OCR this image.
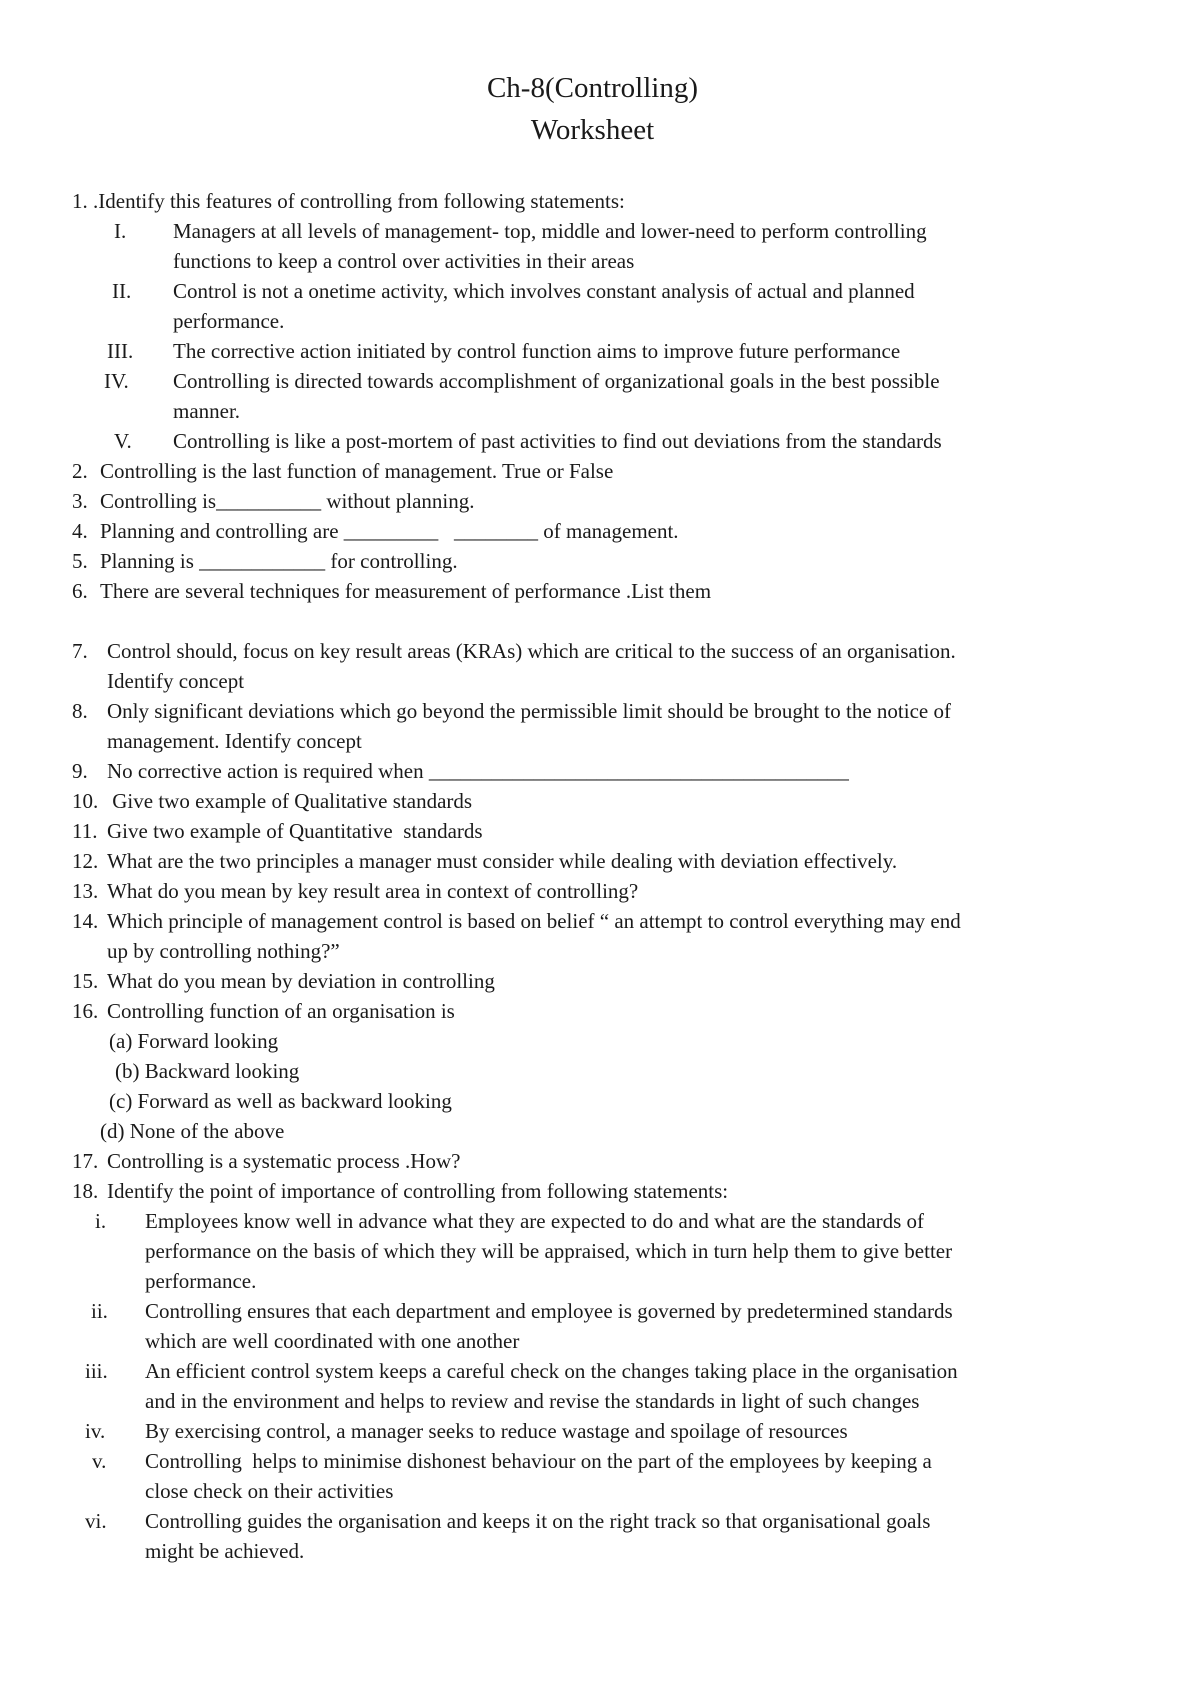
Ch-8(Controlling)
Worksheet
1. .Identify this features of controlling from following statements:
I. Managers at all levels of management- top, middle and lower-need to perform controlling
functions to keep a control over activities in their areas
II. Control is not a onetime activity, which involves constant analysis of actual and planned
performance.
III. The corrective action initiated by control function aims to improve future performance
IV. Controlling is directed towards accomplishment of organizational goals in the best possible
manner.
V. Controlling is like a post-mortem of past activities to find out deviations from the standards
2. Controlling is the last function of management. True or False
3. Controlling is__________ without planning.
4. Planning and controlling are _________   ________ of management.
5. Planning is ____________ for controlling.
6. There are several techniques for measurement of performance .List them
7. Control should, focus on key result areas (KRAs) which are critical to the success of an organisation.
Identify concept
8. Only significant deviations which go beyond the permissible limit should be brought to the notice of
management. Identify concept
9. No corrective action is required when ________________________________________
10. Give two example of Qualitative standards
11. Give two example of Quantitative  standards
12. What are the two principles a manager must consider while dealing with deviation effectively.
13. What do you mean by key result area in context of controlling?
14. Which principle of management control is based on belief “ an attempt to control everything may end
up by controlling nothing?”
15. What do you mean by deviation in controlling
16. Controlling function of an organisation is
(a) Forward looking
(b) Backward looking
(c) Forward as well as backward looking
(d) None of the above
17. Controlling is a systematic process .How?
18. Identify the point of importance of controlling from following statements:
i. Employees know well in advance what they are expected to do and what are the standards of
performance on the basis of which they will be appraised, which in turn help them to give better
performance.
ii. Controlling ensures that each department and employee is governed by predetermined standards
which are well coordinated with one another
iii. An efficient control system keeps a careful check on the changes taking place in the organisation
and in the environment and helps to review and revise the standards in light of such changes
iv. By exercising control, a manager seeks to reduce wastage and spoilage of resources
v. Controlling  helps to minimise dishonest behaviour on the part of the employees by keeping a
close check on their activities
vi. Controlling guides the organisation and keeps it on the right track so that organisational goals
might be achieved.
